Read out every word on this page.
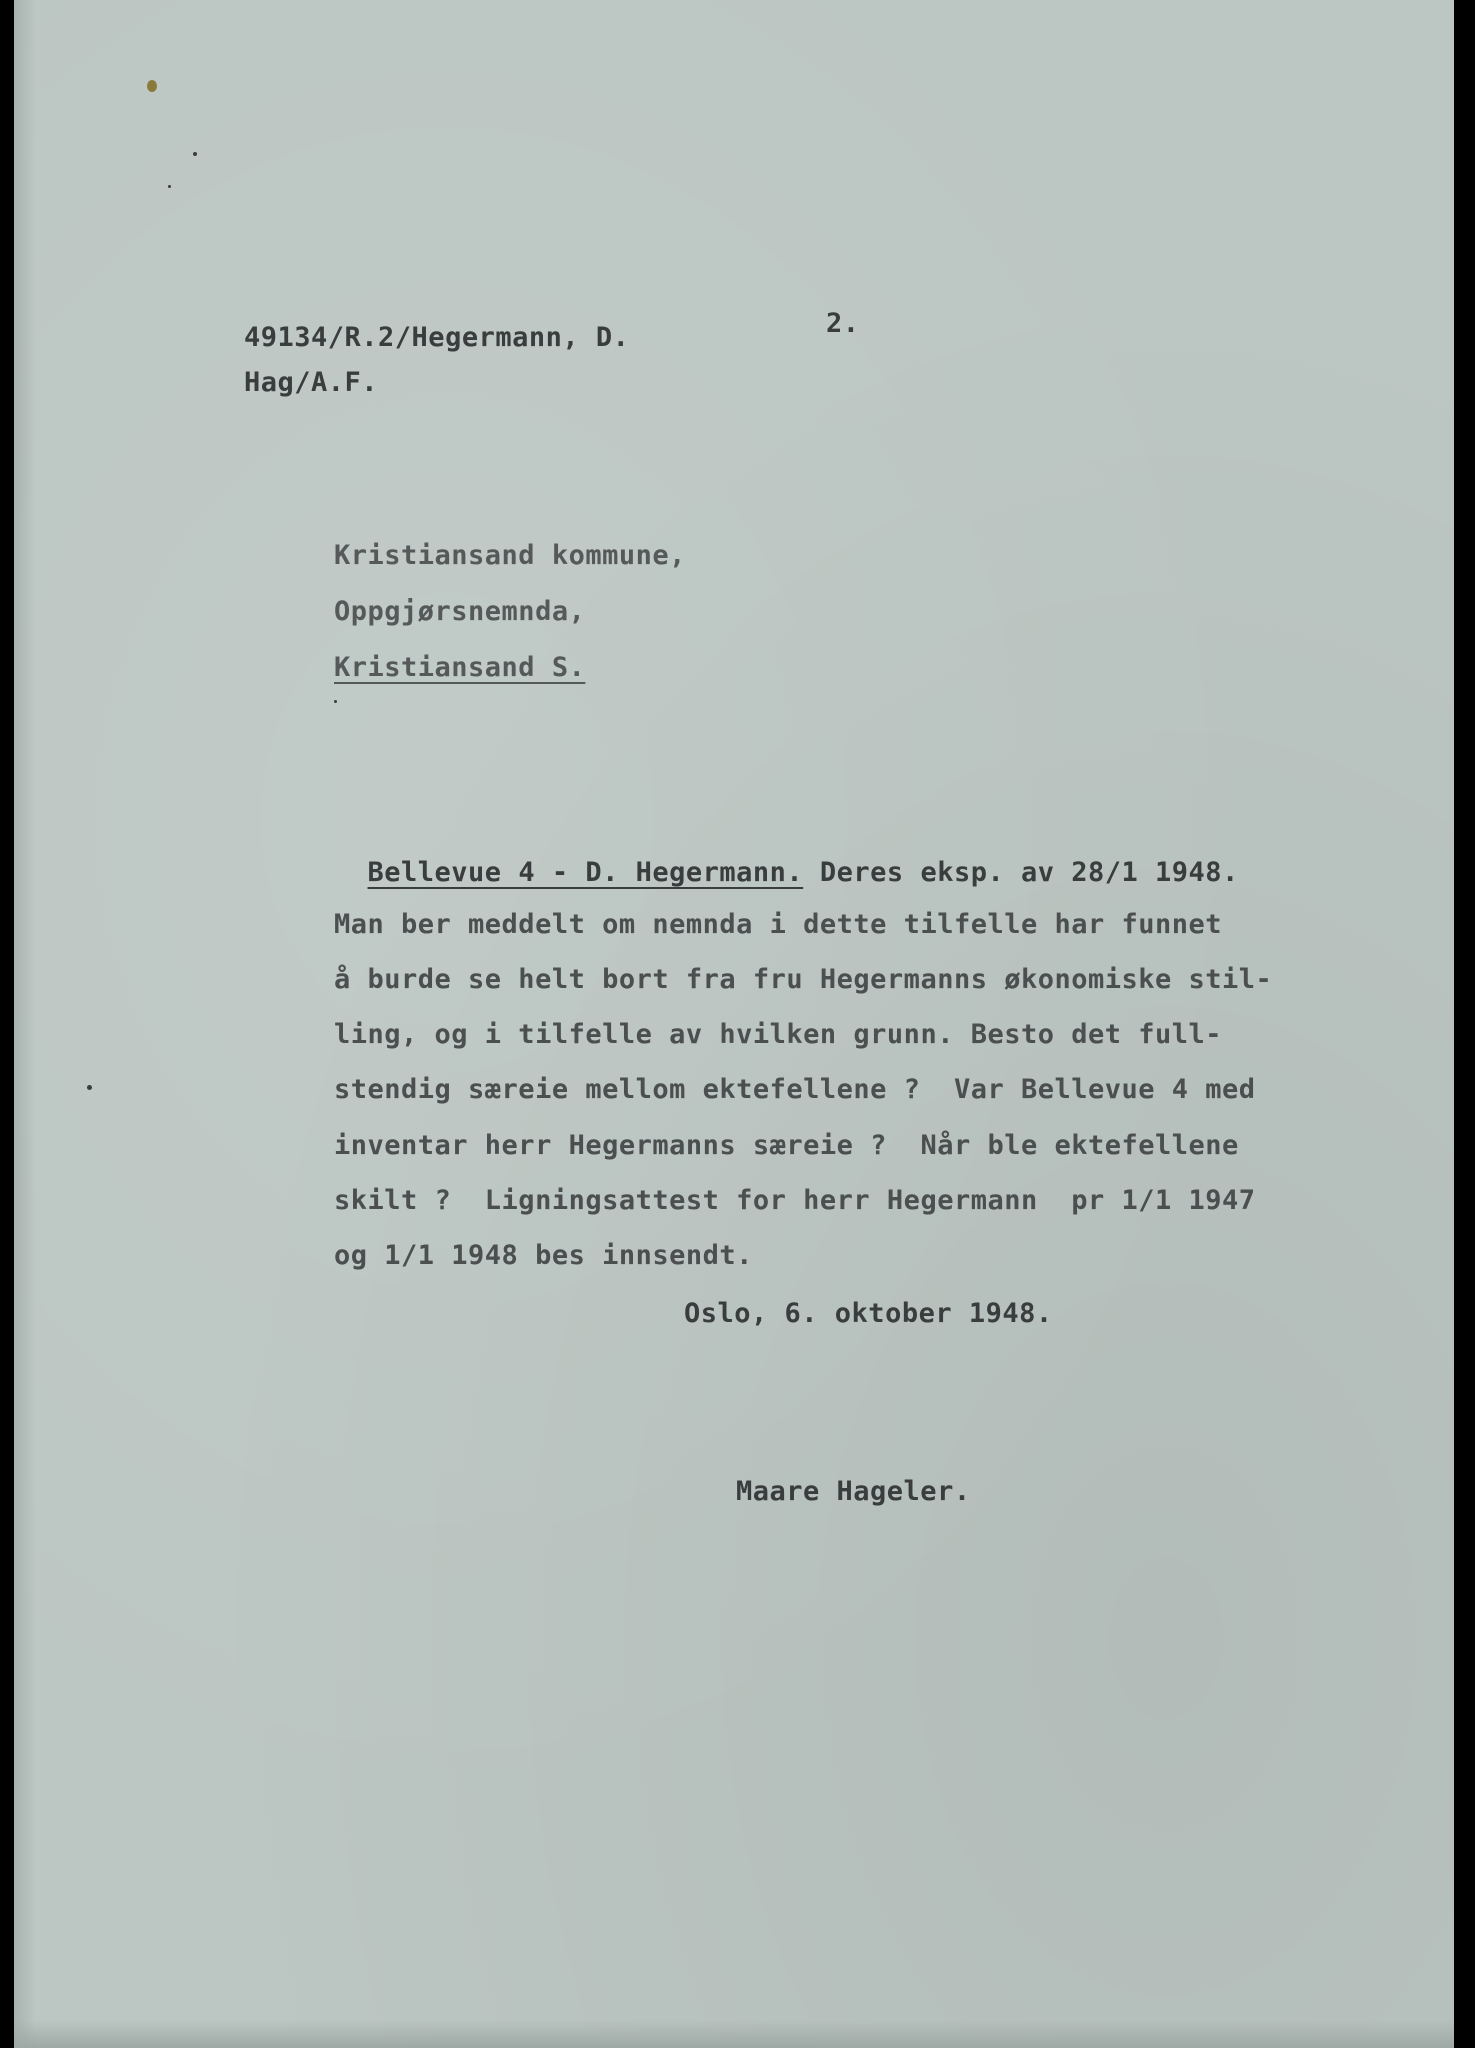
49134/R.2/Hegermann, D.	2.
Hag/A.F.
Kristiansand kommune,
Oppgjørsnemnda,
Kristiansand S.

Bellevue 4 - D. Hegermann. Deres eksp. av 28/1 1948.

Man ber meddelt om nemnda i dette tilfelle har funnet
å burde se helt bort fra fru Hegermanns økonomiske stil-
ling, og i tilfelle av hvilken grunn. Besto det full-
stendig særeie mellom ektefellene ?  Var Bellevue 4 med
inventar herr Hegermanns særeie ?  Når ble ektefellene
skilt ?  Ligningsattest for herr Hegermann  pr 1/1 1947
og 1/1 1948 bes innsendt.
Oslo, 6. oktober 1948.
Maare Hageler.
